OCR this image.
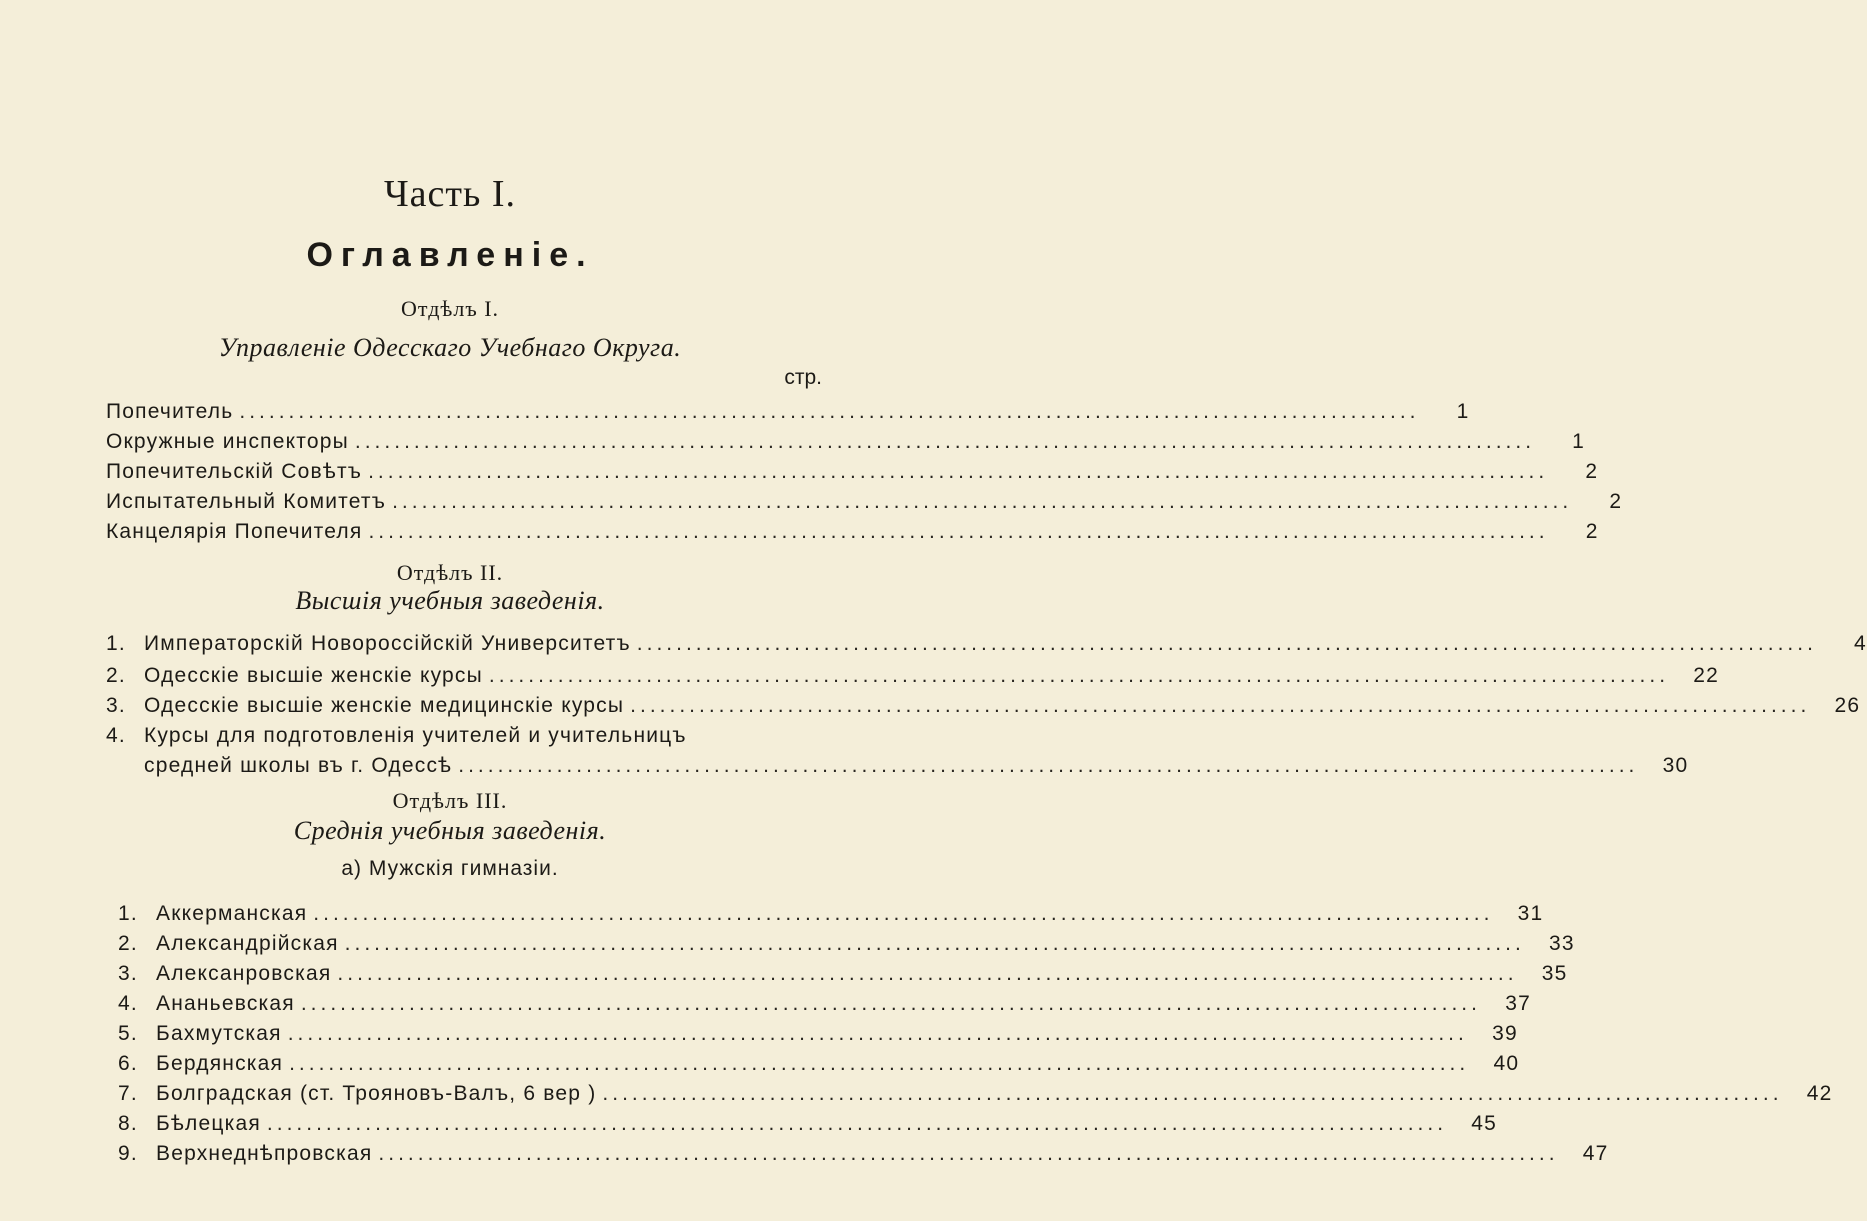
Часть I.
Оглавленiе.
Отдѣлъ I.
Управленiе Одесскаго Учебнаго Округа.
стр.
Попечитель ........................................................................................................................	1
Окружные инспекторы ........................................................................................................................	1
Попечительскiй Совѣтъ ........................................................................................................................	2
Испытательный Комитетъ ........................................................................................................................	2
Канцелярiя Попечителя ........................................................................................................................	2
Отдѣлъ II.
Высшiя учебныя заведенiя.
1. Императорскiй Новороссiйскiй Университетъ ........................................................................................................................	4
2. Одесскiе высшiе женскiе курсы ........................................................................................................................	22
3. Одесскiе высшiе женскiе медицинскiе курсы ........................................................................................................................	26
4. Курсы для подготовленiя учителей и учительницъ
средней школы въ г. Одессѣ ........................................................................................................................	30
Отдѣлъ III.
Среднiя учебныя заведенiя.
а) Мужскiя гимназiи.
1. Аккерманская ........................................................................................................................	31
2. Александрiйская ........................................................................................................................	33
3. Алексанровская ........................................................................................................................	35
4. Ананьевская ........................................................................................................................	37
5. Бахмутская ........................................................................................................................	39
6. Бердянская ........................................................................................................................	40
7. Болградская (ст. Трояновъ-Валъ, 6 вер ) ........................................................................................................................	42
8. Бѣлецкая ........................................................................................................................	45
9. Верхнеднѣпровская ........................................................................................................................	47
